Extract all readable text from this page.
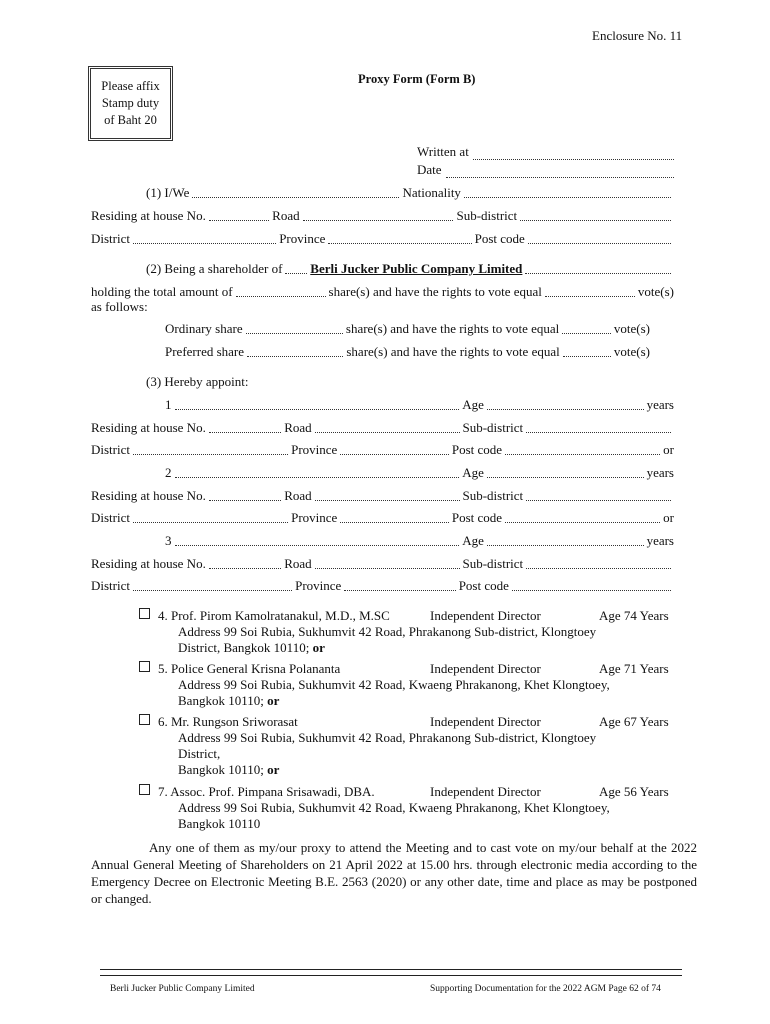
Enclosure No. 11
Please affix
Stamp duty
of Baht 20
Proxy Form (Form B)
Written at
Date
(1) I/We	Nationality
Residing at house No.	Road	Sub-district
District	Province	Post code
(2) Being a shareholder of Berli Jucker Public Company Limited
holding the total amount of	share(s) and have the rights to vote equal	vote(s)
as follows:
Ordinary share	share(s) and have the rights to vote equal	vote(s)
Preferred share	share(s) and have the rights to vote equal	vote(s)
(3) Hereby appoint:
1	Age	years
Residing at house No.	Road	Sub-district
District	Province	Post code	or
2	Age	years
Residing at house No.	Road	Sub-district
District	Province	Post code	or
3	Age	years
Residing at house No.	Road	Sub-district
District	Province	Post code
4. Prof. Pirom Kamolratanakul, M.D., M.SC	Independent Director	Age 74 Years
Address 99 Soi Rubia, Sukhumvit 42 Road, Phrakanong Sub-district, Klongtoey
District, Bangkok 10110; or
5. Police General Krisna Polananta	Independent Director	Age 71 Years
Address 99 Soi Rubia, Sukhumvit 42 Road, Kwaeng Phrakanong, Khet Klongtoey,
Bangkok 10110; or
6. Mr. Rungson Sriworasat	Independent Director	Age 67 Years
Address 99 Soi Rubia, Sukhumvit 42 Road, Phrakanong Sub-district, Klongtoey
District,
Bangkok 10110; or
7. Assoc. Prof. Pimpana Srisawadi, DBA.	Independent Director	Age 56 Years
Address 99 Soi Rubia, Sukhumvit 42 Road, Kwaeng Phrakanong, Khet Klongtoey,
Bangkok 10110
Any one of them as my/our proxy to attend the Meeting and to cast vote on my/our behalf at the 2022 Annual General Meeting of Shareholders on 21 April 2022 at 15.00 hrs. through electronic media according to the Emergency Decree on Electronic Meeting B.E. 2563 (2020) or any other date, time and place as may be postponed or changed.
Berli Jucker Public Company Limited	Supporting Documentation for the 2022 AGM Page 62 of 74
